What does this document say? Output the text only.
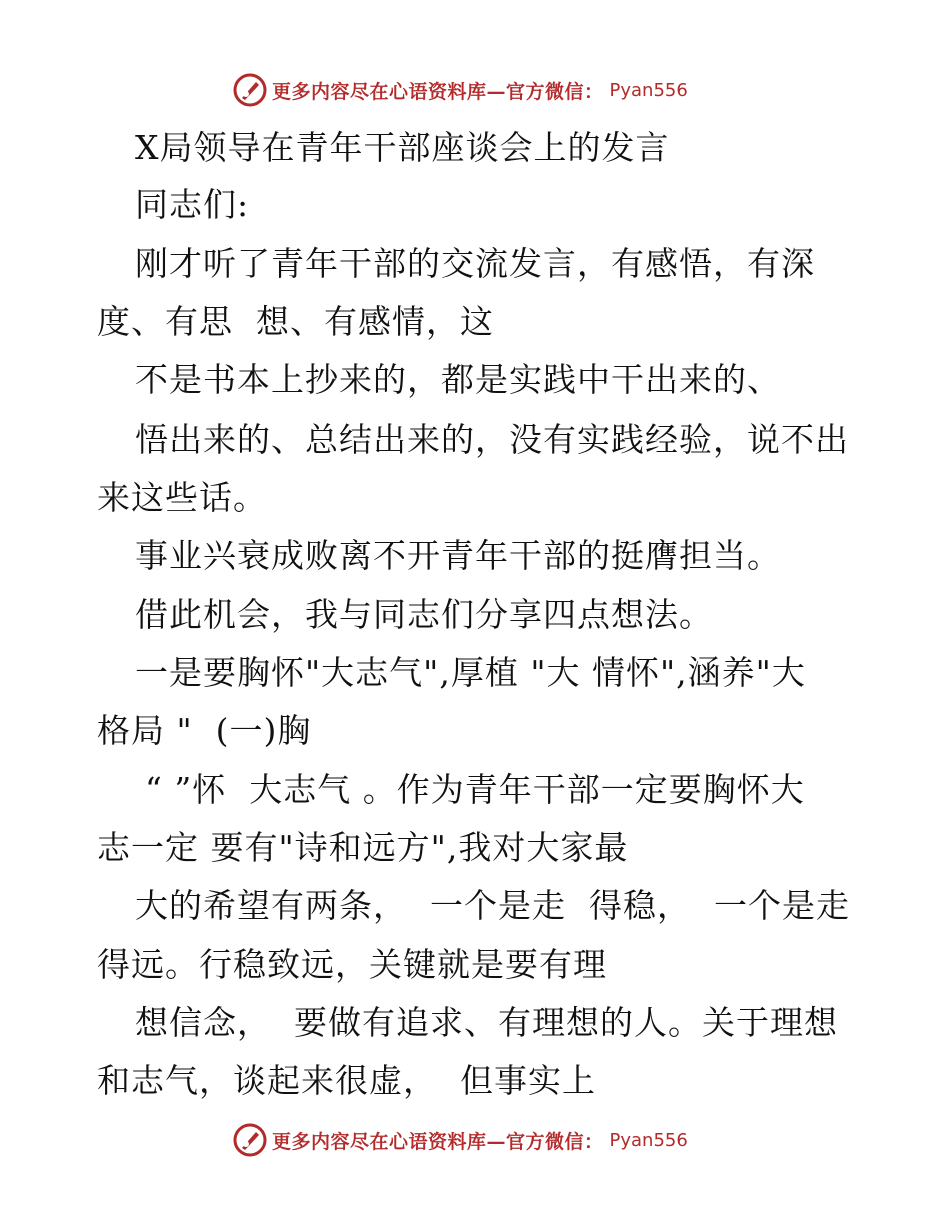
更多内容尽在心语资料库—官方微信： Pyan556
X局领导在青年干部座谈会上的发言
同志们:
刚才听了青年干部的交流发言，有感悟，有深
度、有思  想、有感情，这
不是书本上抄来的，都是实践中干出来的、
悟出来的、总结出来的，没有实践经验，说不出
来这些话。
事业兴衰成败离不开青年干部的挺膺担当。
借此机会，我与同志们分享四点想法。
一是要胸怀"大志气",厚植 "大 情怀",涵养"大
格局 "  (一)胸
“ ”怀  大志气 。作为青年干部一定要胸怀大
志一定 要有"诗和远方",我对大家最
大的希望有两条，  一个是走  得稳，  一个是走
得远。行稳致远，关键就是要有理
想信念，  要做有追求、有理想的人。关于理想
和志气，谈起来很虚，  但事实上
更多内容尽在心语资料库—官方微信： Pyan556
